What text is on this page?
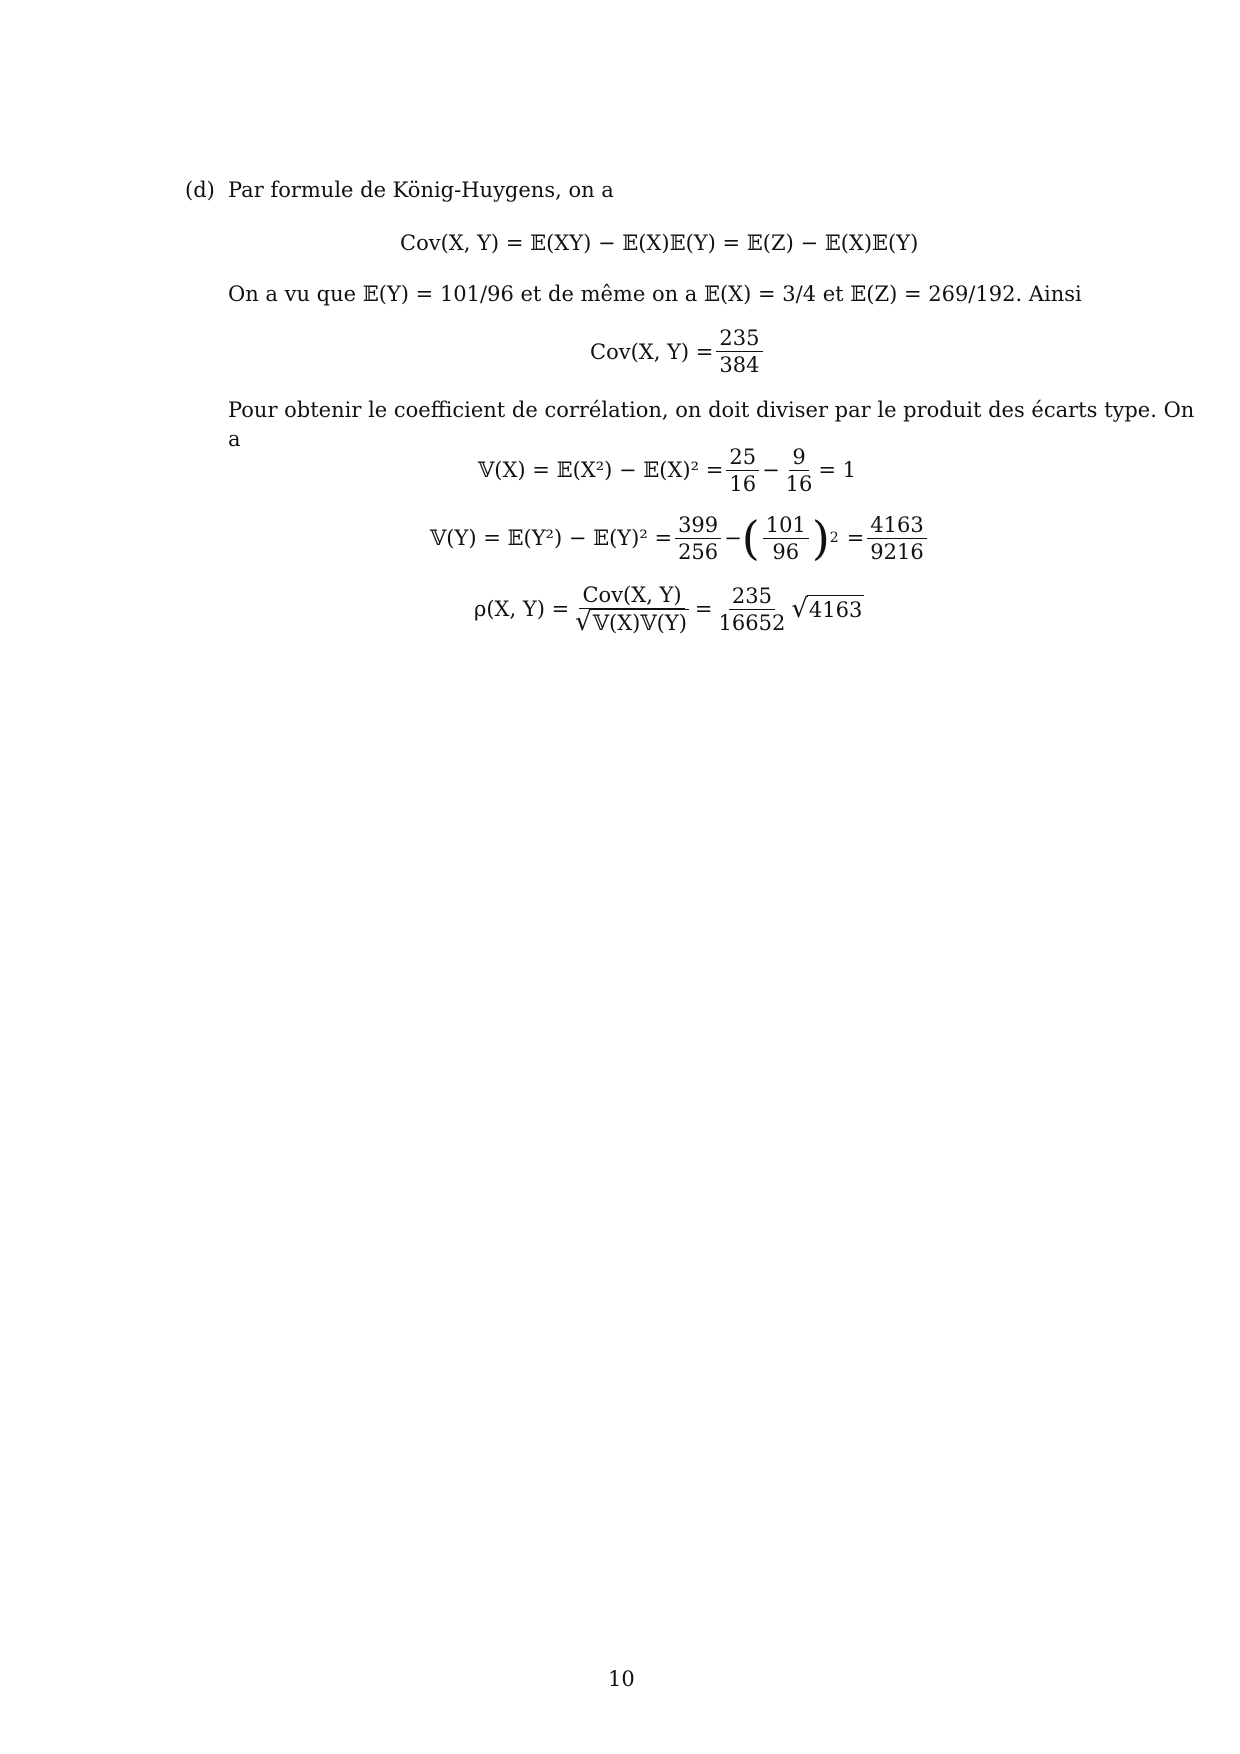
(d) Par formule de König-Huygens, on a
Cov(X, Y) = 𝔼(XY) − 𝔼(X)𝔼(Y) = 𝔼(Z) − 𝔼(X)𝔼(Y)
On a vu que 𝔼(Y) = 101/96 et de même on a 𝔼(X) = 3/4 et 𝔼(Z) = 269/192. Ainsi
Cov(X, $Y) = \frac{235}{384}$
Pour obtenir le coefficient de corrélation, on doit diviser par le produit des écarts type. On
a
𝕍(X) = 𝔼(X²) − 𝔼(X)² = $\frac{25}{16} - \frac{9}{16} = 1$
𝕍(Y) = 𝔼(Y²) − 𝔼(Y)² = $\frac{399}{256}$ − ( $\frac{101}{96}$ ) $2 = \frac{4163}{9216}$
ρ(X, $Y) = \frac{\text{Cov(X, Y)}}{\text{√𝕍(X)𝕍(Y)}} = \frac{235}{16652}$ √ 4163
10
